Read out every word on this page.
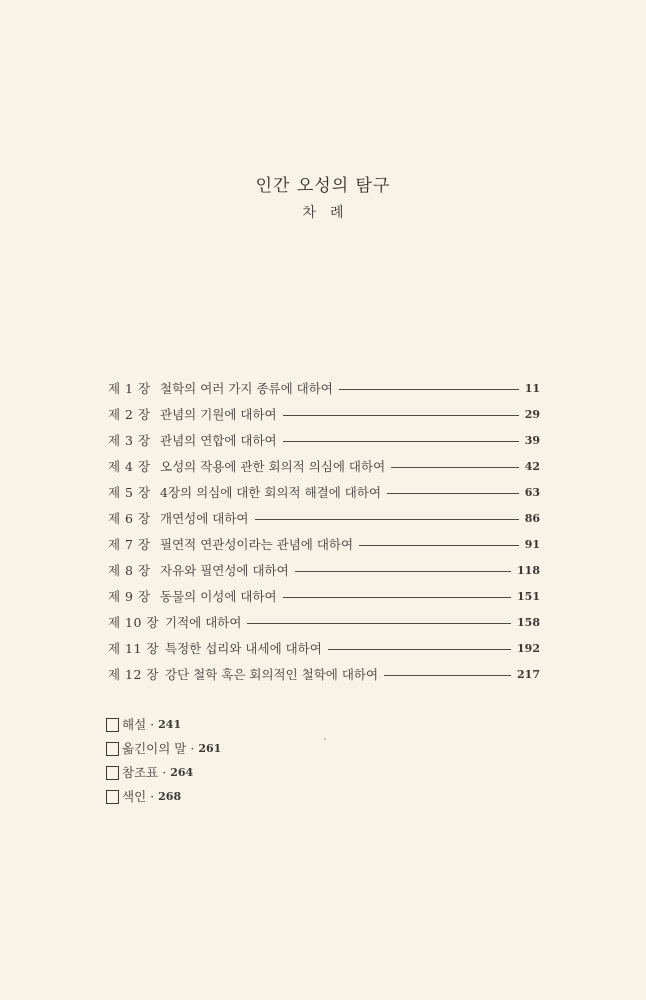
인간 오성의 탐구
차례
제 1 장 철학의 여러 가지 종류에 대하여	11
제 2 장 관념의 기원에 대하여	29
제 3 장 관념의 연합에 대하여	39
제 4 장 오성의 작용에 관한 회의적 의심에 대하여	42
제 5 장 4장의 의심에 대한 회의적 해결에 대하여	63
제 6 장 개연성에 대하여	86
제 7 장 필연적 연관성이라는 관념에 대하여	91
제 8 장 자유와 필연성에 대하여	118
제 9 장 동물의 이성에 대하여	151
제 10 장 기적에 대하여	158
제 11 장 특정한 섭리와 내세에 대하여	192
제 12 장 강단 철학 혹은 회의적인 철학에 대하여	217
해설 · 241
옮긴이의 말 · 261
참조표 · 264
색인 · 268
